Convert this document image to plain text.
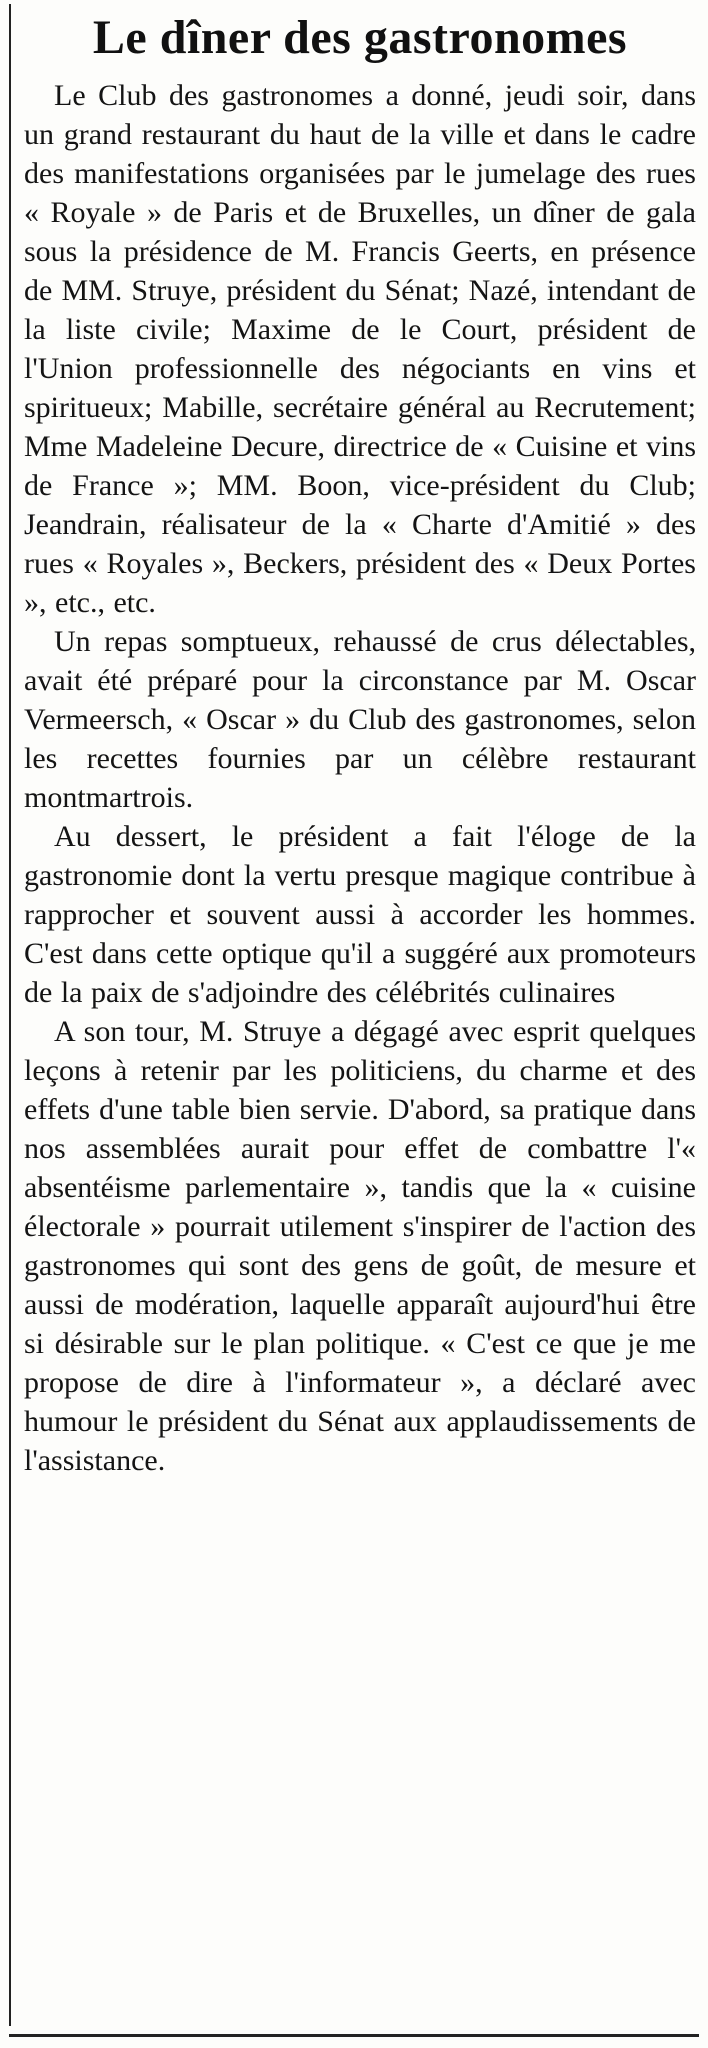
Le dîner des gastronomes

Le Club des gastronomes a donné, jeudi soir, dans un grand restaurant du haut de la ville et dans le cadre des manifestations organisées par le jumelage des rues « Royale » de Paris et de Bruxelles, un dîner de gala sous la présidence de M. Francis Geerts, en présence de MM. Struye, président du Sénat; Nazé, intendant de la liste civile; Maxime de le Court, président de l'Union professionnelle des négociants en vins et spiritueux; Mabille, secrétaire général au Recrutement; Mme Madeleine Decure, directrice de « Cuisine et vins de France »; MM. Boon, vice-président du Club; Jeandrain, réalisateur de la « Charte d'Amitié » des rues « Royales », Beckers, président des « Deux Portes », etc., etc.

Un repas somptueux, rehaussé de crus délectables, avait été préparé pour la circonstance par M. Oscar Vermeersch, « Oscar » du Club des gastronomes, selon les recettes fournies par un célèbre restaurant montmartrois.

Au dessert, le président a fait l'éloge de la gastronomie dont la vertu presque magique contribue à rapprocher et souvent aussi à accorder les hommes. C'est dans cette optique qu'il a suggéré aux promoteurs de la paix de s'adjoindre des célébrités culinaires

A son tour, M. Struye a dégagé avec esprit quelques leçons à retenir par les politiciens, du charme et des effets d'une table bien servie. D'abord, sa pratique dans nos assemblées aurait pour effet de combattre l'« absentéisme parlementaire », tandis que la « cuisine électorale » pourrait utilement s'inspirer de l'action des gastronomes qui sont des gens de goût, de mesure et aussi de modération, laquelle apparaît aujourd'hui être si désirable sur le plan politique. « C'est ce que je me propose de dire à l'informateur », a déclaré avec humour le président du Sénat aux applaudissements de l'assistance.
